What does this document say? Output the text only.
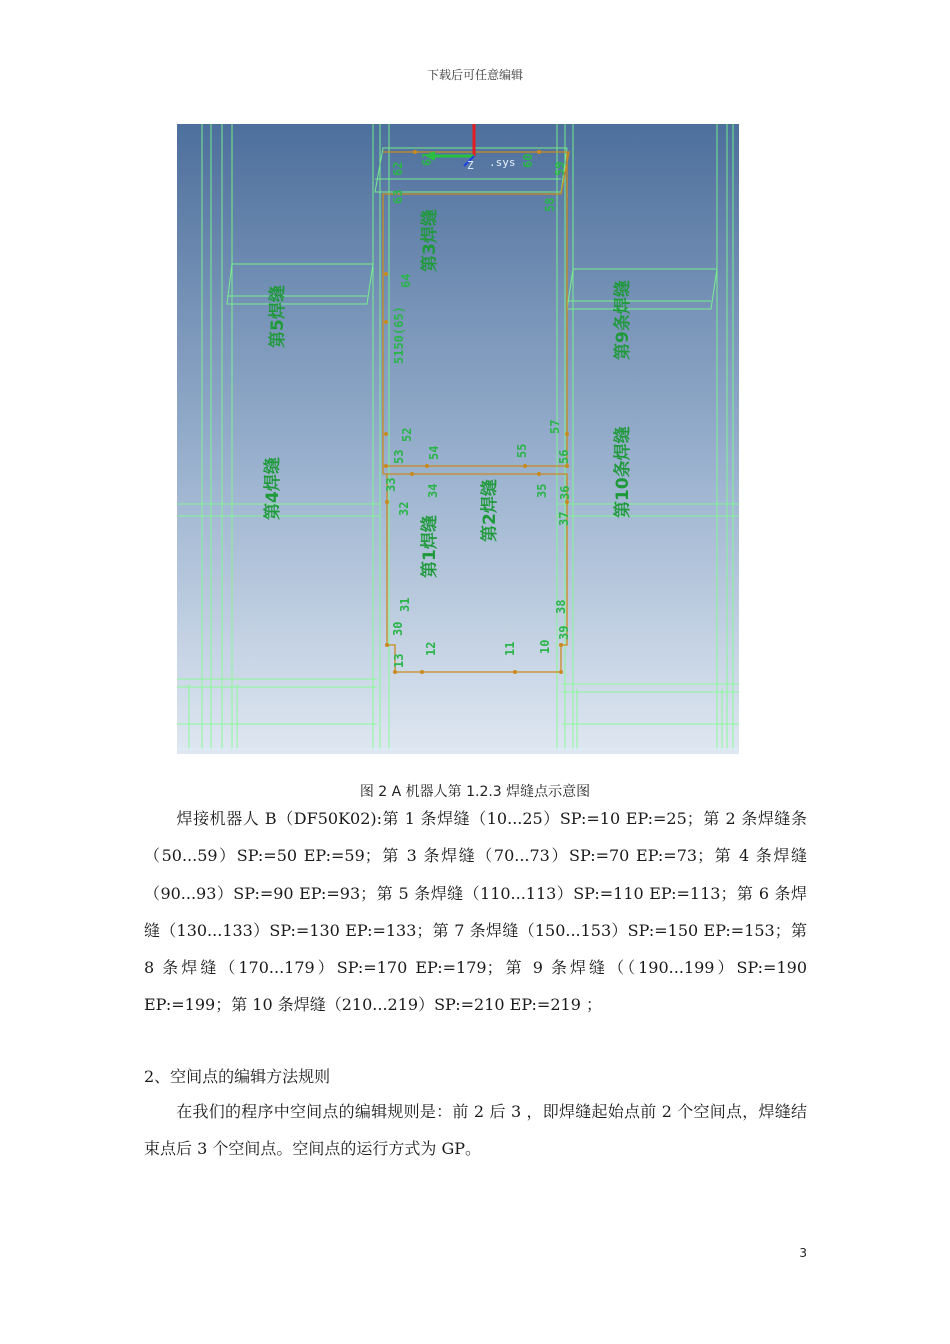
下载后可任意编辑
Z .sys
62
63
61	60
59
58
64
5150(65)
52
53 54	55
57
56
33
32
34	35 36
37
31
30
13
12	11 10
38
39
第3焊缝
第5焊缝	第9条焊缝
第10条焊缝
第4焊缝	第2焊缝
第1焊缝
图 2 A 机器人第 1.2.3 焊缝点示意图
焊接机器人 B（DF50K02):第 1 条焊缝（10...25）SP:=10 EP:=25；第 2 条焊缝条（50...59）SP:=50 EP:=59；第 3 条焊缝（70...73）SP:=70 EP:=73；第 4 条焊缝（90...93）SP:=90 EP:=93；第 5 条焊缝（110...113）SP:=110 EP:=113；第 6 条焊缝（130...133）SP:=130 EP:=133；第 7 条焊缝（150...153）SP:=150 EP:=153；第 8 条焊缝（170...179）SP:=170 EP:=179；第 9 条焊缝（（190...199）SP:=190 EP:=199；第 10 条焊缝（210...219）SP:=210 EP:=219 ；
2、空间点的编辑方法规则
在我们的程序中空间点的编辑规则是：前 2 后 3 ，即焊缝起始点前 2 个空间点，焊缝结束点后 3 个空间点。空间点的运行方式为 GP。
3
